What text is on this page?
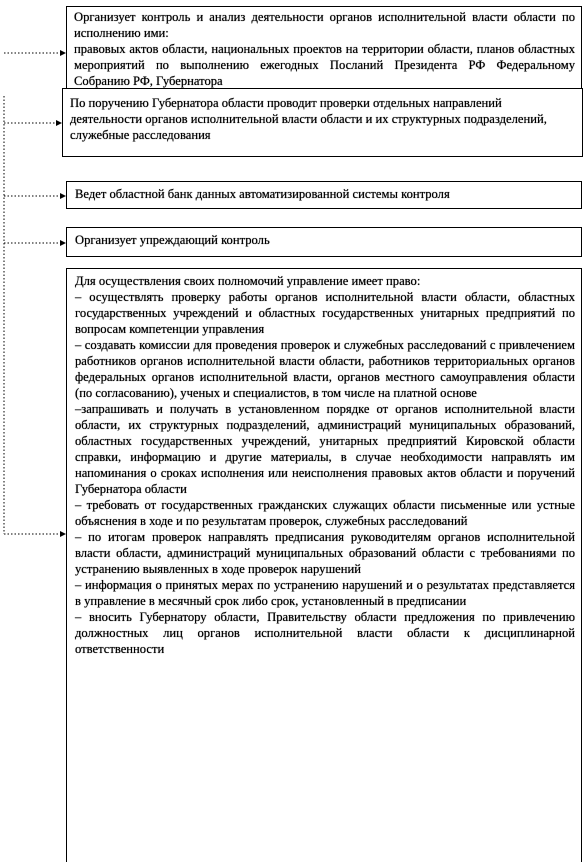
Организует контроль и анализ деятельности органов исполнительной власти области по исполнению ими:
правовых актов области, национальных проектов на территории области, планов областных мероприятий по выполнению ежегодных Посланий Президента РФ Федеральному Собранию РФ, Губернатора
По поручению Губернатора области проводит проверки отдельных направлений деятельности органов исполнительной власти области и их структурных подразделений, служебные расследования
Ведет областной банк данных автоматизированной системы контроля
Организует упреждающий контроль

Для осуществления своих полномочий управление имеет право:

– осуществлять проверку работы органов исполнительной власти области, областных государственных учреждений и областных государственных унитарных предприятий по вопросам компетенции управления

– создавать комиссии для проведения проверок и служебных расследований с привлечением работников органов исполнительной власти области, работников территориальных органов федеральных органов исполнительной власти, органов местного самоуправления области (по согласованию), ученых и специалистов, в том числе на платной основе

–запрашивать и получать в установленном порядке от органов исполнительной власти области, их структурных подразделений, администраций муниципальных образований, областных государственных учреждений, унитарных предприятий Кировской области справки, информацию и другие материалы, в случае необходимости направлять им напоминания о сроках исполнения или неисполнения правовых актов области и поручений Губернатора области

– требовать от государственных гражданских служащих области письменные или устные объяснения в ходе и по результатам проверок, служебных расследований

– по итогам проверок направлять предписания руководителям органов исполнительной власти области, администраций муниципальных образований области с требованиями по устранению выявленных в ходе проверок нарушений

– информация о принятых мерах по устранению нарушений и о результатах представляется в управление в месячный срок либо срок, установленный в предписании

– вносить Губернатору области, Правительству области предложения по привлечению должностных лиц органов исполнительной власти области к дисциплинарной ответственности
